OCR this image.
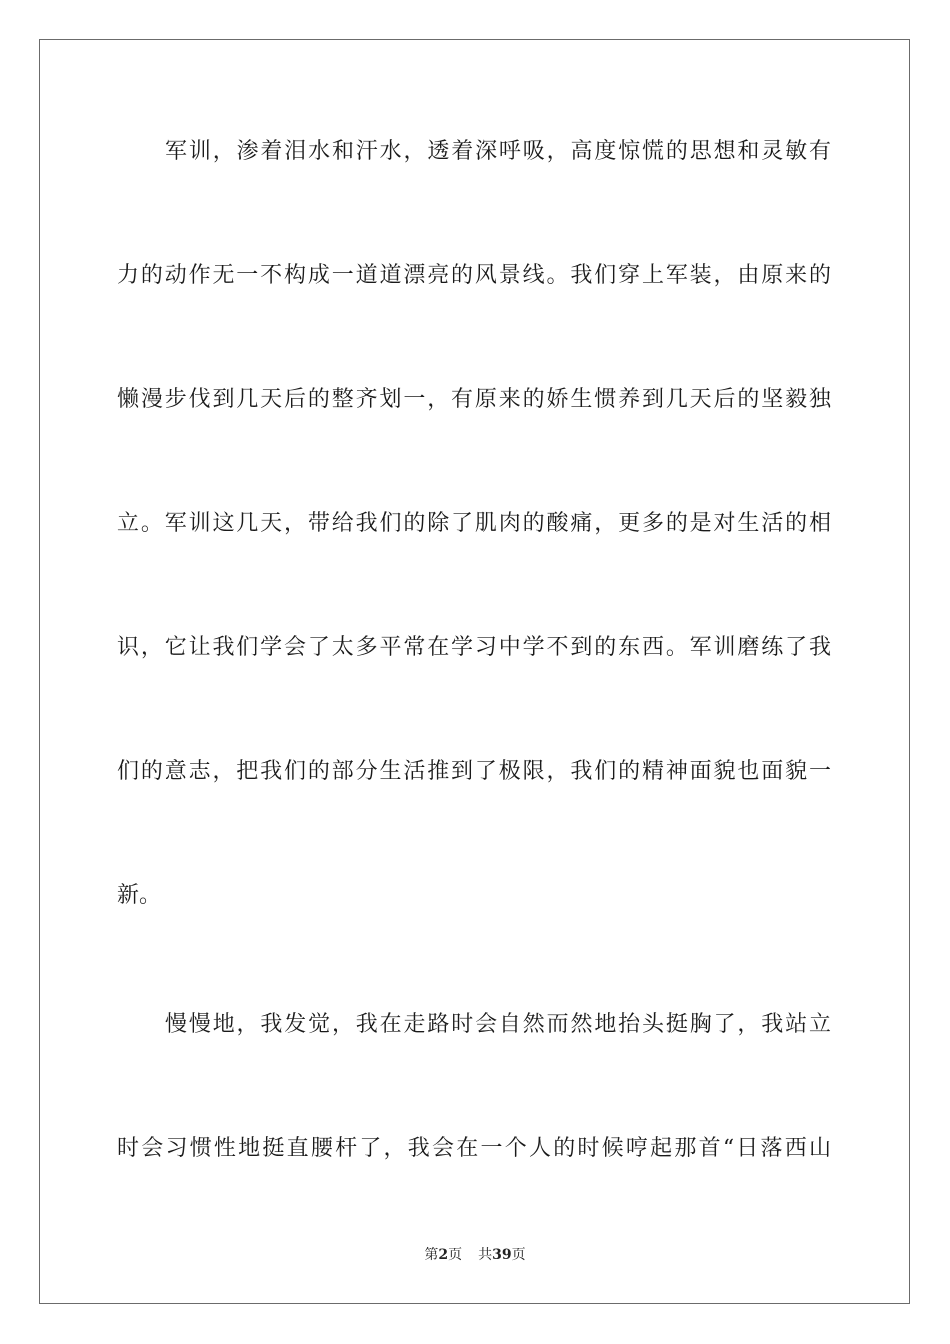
军训，渗着泪水和汗水，透着深呼吸，高度惊慌的思想和灵敏有
力的动作无一不构成一道道漂亮的风景线。我们穿上军装，由原来的
懒漫步伐到几天后的整齐划一，有原来的娇生惯养到几天后的坚毅独
立。军训这几天，带给我们的除了肌肉的酸痛，更多的是对生活的相
识，它让我们学会了太多平常在学习中学不到的东西。军训磨练了我
们的意志，把我们的部分生活推到了极限，我们的精神面貌也面貌一
新。
慢慢地，我发觉，我在走路时会自然而然地抬头挺胸了，我站立
时会习惯性地挺直腰杆了，我会在一个人的时候哼起那首“日落西山
第2页 共39页
